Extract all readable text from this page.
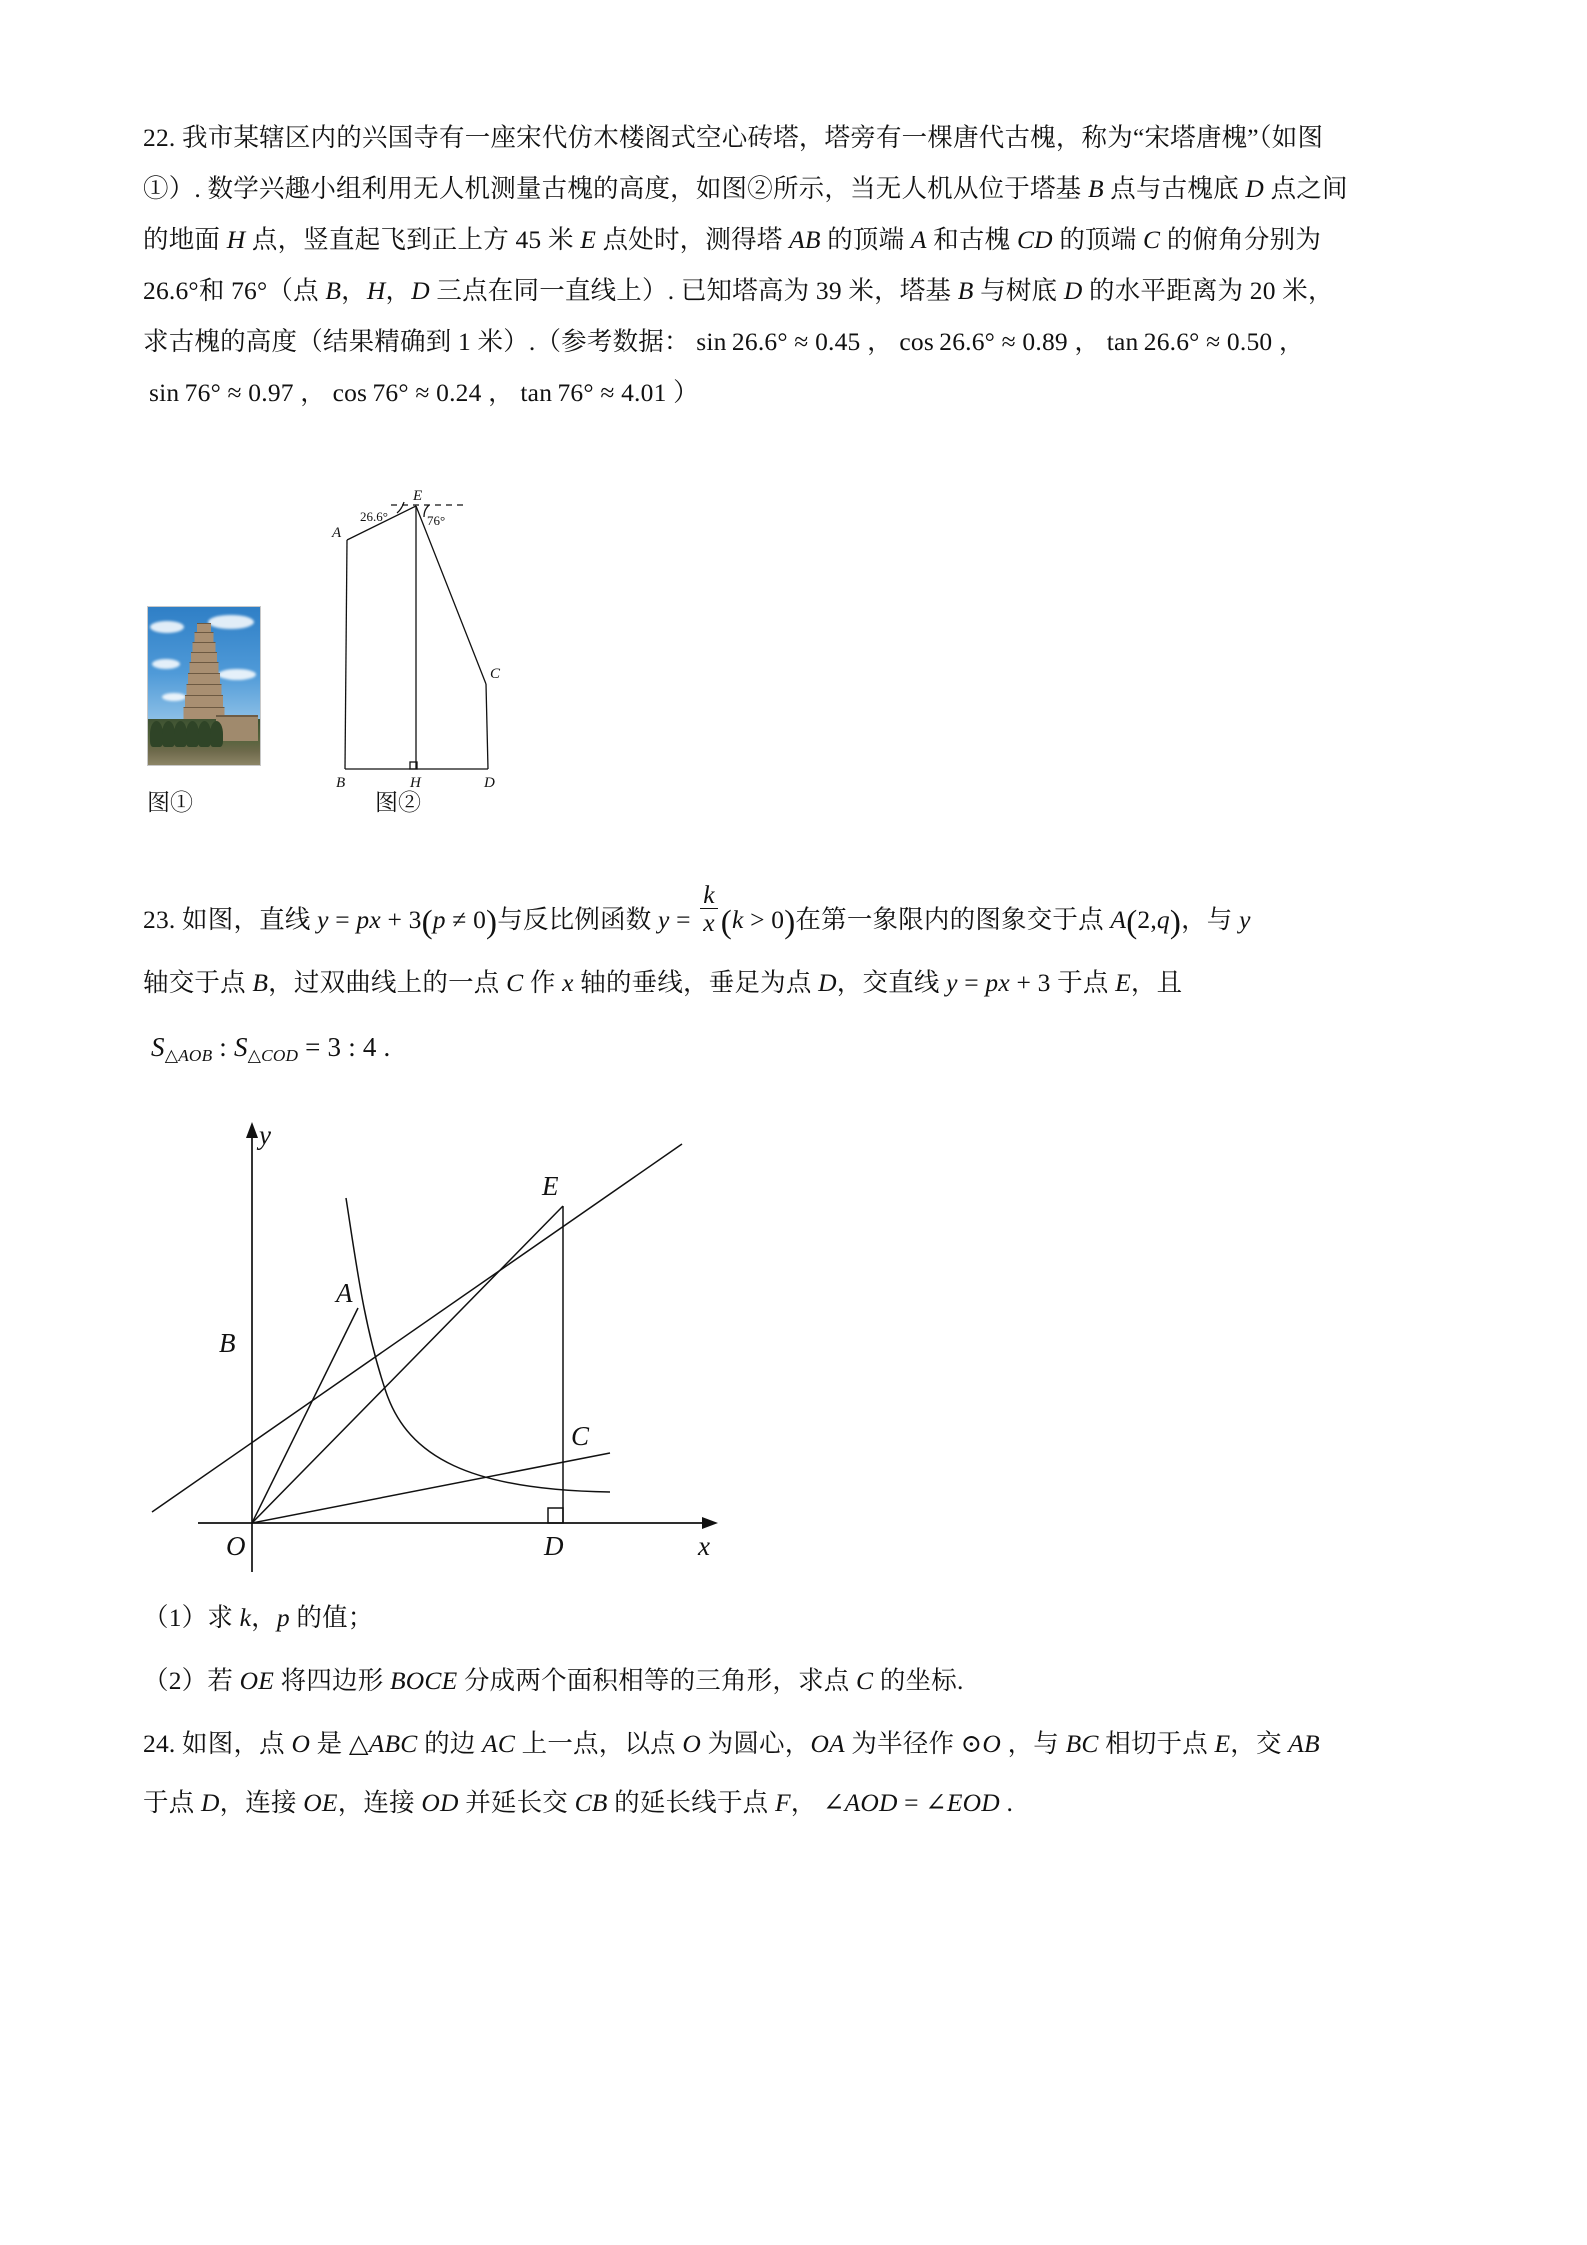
22. 我市某辖区内的兴国寺有一座宋代仿木楼阁式空心砖塔，塔旁有一棵唐代古槐，称为“宋塔唐槐”（如图
①）. 数学兴趣小组利用无人机测量古槐的高度，如图②所示，当无人机从位于塔基 B 点与古槐底 D 点之间
的地面 H 点，竖直起飞到正上方 45 米 E 点处时，测得塔 AB 的顶端 A 和古槐 CD 的顶端 C 的俯角分别为
26.6°和 76°（点 B，H，D 三点在同一直线上）. 已知塔高为 39 米，塔基 B 与树底 D 的水平距离为 20 米，
求古槐的高度（结果精确到 1 米）.（参考数据： sin 26.6° ≈ 0.45 ， cos 26.6° ≈ 0.89 ， tan 26.6° ≈ 0.50 ，
sin 76° ≈ 0.97 ， cos 76° ≈ 0.24 ， tan 76° ≈ 4.01 ）
E
A
C
B	H	D
26.6°	76°
图①	图②
23. 如图，直线 y = px + 3(p ≠ 0)与反比例函数 $y = \frac{k}{x} (k > 0)$在第一象限内的图象交于点 A(2,q)，与 y
轴交于点 B，过双曲线上的一点 C 作 x 轴的垂线，垂足为点 D，交直线 y = px + 3 于点 E，且
$S_{\triangle AOB}$ : $S_{\triangle COD} = 3$ : 4 .
y
x
O
A
B
C
D
E
（1）求 k，p 的值；
（2）若 OE 将四边形 BOCE 分成两个面积相等的三角形，求点 C 的坐标.
24. 如图，点 O 是 △ABC 的边 AC 上一点，以点 O 为圆心，OA 为半径作 ⊙O ，与 BC 相切于点 E，交 AB
于点 D，连接 OE，连接 OD 并延长交 CB 的延长线于点 F， ∠AOD = ∠EOD .
